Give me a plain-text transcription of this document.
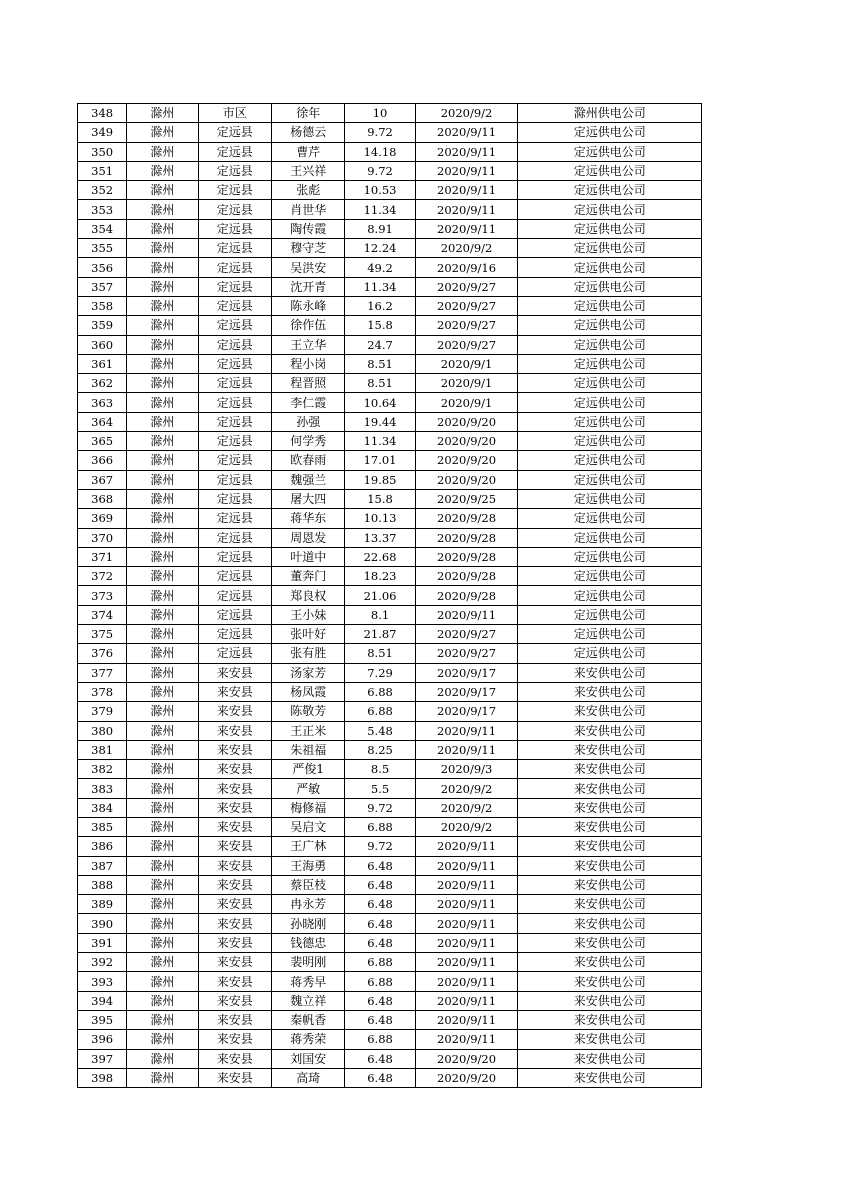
348	滁州	市区	徐年	10	2020/9/2	滁州供电公司
349	滁州	定远县	杨德云	9.72	2020/9/11	定远供电公司
350	滁州	定远县	曹芹	14.18	2020/9/11	定远供电公司
351	滁州	定远县	王兴祥	9.72	2020/9/11	定远供电公司
352	滁州	定远县	张彪	10.53	2020/9/11	定远供电公司
353	滁州	定远县	肖世华	11.34	2020/9/11	定远供电公司
354	滁州	定远县	陶传霞	8.91	2020/9/11	定远供电公司
355	滁州	定远县	穆守芝	12.24	2020/9/2	定远供电公司
356	滁州	定远县	吴洪安	49.2	2020/9/16	定远供电公司
357	滁州	定远县	沈开青	11.34	2020/9/27	定远供电公司
358	滁州	定远县	陈永峰	16.2	2020/9/27	定远供电公司
359	滁州	定远县	徐作伍	15.8	2020/9/27	定远供电公司
360	滁州	定远县	王立华	24.7	2020/9/27	定远供电公司
361	滁州	定远县	程小岗	8.51	2020/9/1	定远供电公司
362	滁州	定远县	程晋照	8.51	2020/9/1	定远供电公司
363	滁州	定远县	李仁霞	10.64	2020/9/1	定远供电公司
364	滁州	定远县	孙强	19.44	2020/9/20	定远供电公司
365	滁州	定远县	何学秀	11.34	2020/9/20	定远供电公司
366	滁州	定远县	欧春雨	17.01	2020/9/20	定远供电公司
367	滁州	定远县	魏强兰	19.85	2020/9/20	定远供电公司
368	滁州	定远县	屠大四	15.8	2020/9/25	定远供电公司
369	滁州	定远县	蒋华东	10.13	2020/9/28	定远供电公司
370	滁州	定远县	周恩发	13.37	2020/9/28	定远供电公司
371	滁州	定远县	叶道中	22.68	2020/9/28	定远供电公司
372	滁州	定远县	董奔门	18.23	2020/9/28	定远供电公司
373	滁州	定远县	郑良权	21.06	2020/9/28	定远供电公司
374	滁州	定远县	王小妹	8.1	2020/9/11	定远供电公司
375	滁州	定远县	张叶好	21.87	2020/9/27	定远供电公司
376	滁州	定远县	张有胜	8.51	2020/9/27	定远供电公司
377	滁州	来安县	汤家芳	7.29	2020/9/17	来安供电公司
378	滁州	来安县	杨凤霞	6.88	2020/9/17	来安供电公司
379	滁州	来安县	陈敬芳	6.88	2020/9/17	来安供电公司
380	滁州	来安县	王正米	5.48	2020/9/11	来安供电公司
381	滁州	来安县	朱祖福	8.25	2020/9/11	来安供电公司
382	滁州	来安县	严俊1	8.5	2020/9/3	来安供电公司
383	滁州	来安县	严敏	5.5	2020/9/2	来安供电公司
384	滁州	来安县	梅修福	9.72	2020/9/2	来安供电公司
385	滁州	来安县	吴启文	6.88	2020/9/2	来安供电公司
386	滁州	来安县	王广林	9.72	2020/9/11	来安供电公司
387	滁州	来安县	王海勇	6.48	2020/9/11	来安供电公司
388	滁州	来安县	蔡臣枝	6.48	2020/9/11	来安供电公司
389	滁州	来安县	冉永芳	6.48	2020/9/11	来安供电公司
390	滁州	来安县	孙晓刚	6.48	2020/9/11	来安供电公司
391	滁州	来安县	钱德忠	6.48	2020/9/11	来安供电公司
392	滁州	来安县	裴明刚	6.88	2020/9/11	来安供电公司
393	滁州	来安县	蒋秀早	6.88	2020/9/11	来安供电公司
394	滁州	来安县	魏立祥	6.48	2020/9/11	来安供电公司
395	滁州	来安县	秦帆香	6.48	2020/9/11	来安供电公司
396	滁州	来安县	蒋秀荣	6.88	2020/9/11	来安供电公司
397	滁州	来安县	刘国安	6.48	2020/9/20	来安供电公司
398	滁州	来安县	高琦	6.48	2020/9/20	来安供电公司
